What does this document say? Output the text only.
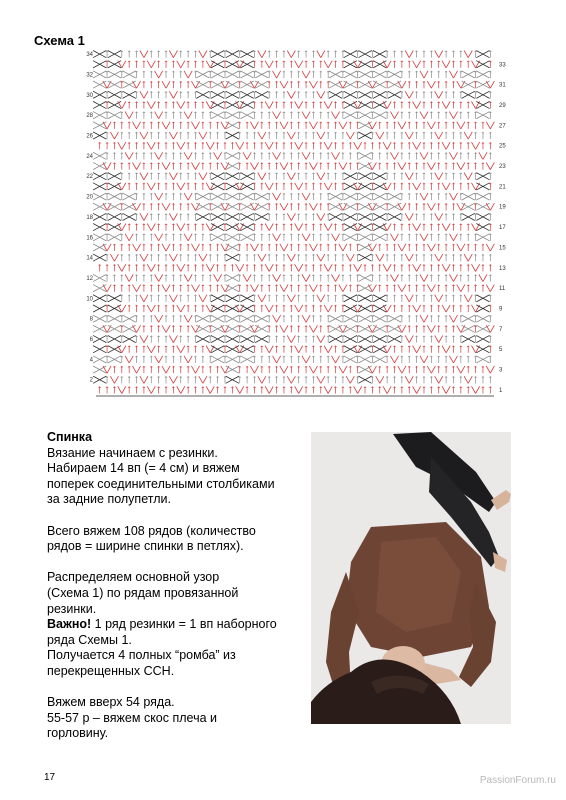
Схема 1
2
4
6
8
10
12
14
16
18
20
22
24
26
28
30
32
34
1
3
5
7
9
11
13
15
17
19
21
23
25
27
29
31
33

Спинка

Вязание начинаем с резинки.

Набираем 14 вп (= 4 см) и вяжем

поперек соединительными столбиками

за задние полупетли.

Всего вяжем 108 рядов (количество

рядов = ширине спинки в петлях).

Распределяем основной узор

(Схема 1) по рядам провязанной

резинки.

Важно! 1 ряд резинки = 1 вп наборного

ряда Схемы 1.

Получается 4 полных “ромба” из

перекрещенных ССН.

Вяжем вверх 54 ряда.

55-57 р – вяжем скос плеча и

горловину.

17	PassionForum.ru
